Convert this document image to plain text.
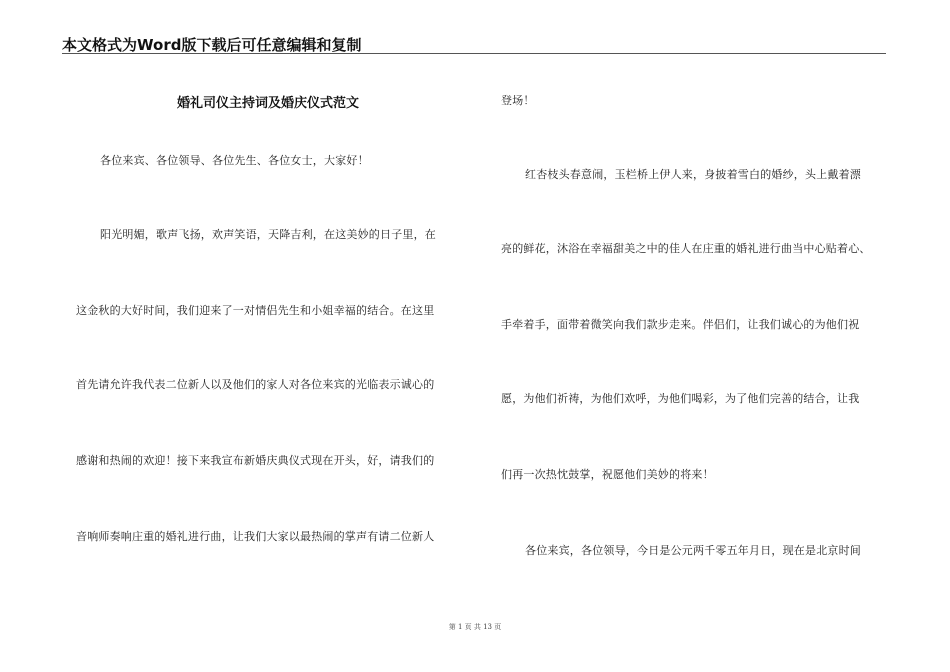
本文格式为Word版下载后可任意编辑和复制
婚礼司仪主持词及婚庆仪式范文
各位来宾、各位领导、各位先生、各位女士，大家好！
阳光明媚，歌声飞扬，欢声笑语，天降吉利，在这美妙的日子里，在
这金秋的大好时间，我们迎来了一对情侣先生和小姐幸福的结合。在这里
首先请允许我代表二位新人以及他们的家人对各位来宾的光临表示诚心的
感谢和热闹的欢迎！接下来我宣布新婚庆典仪式现在开头，好，请我们的
音响师奏响庄重的婚礼进行曲，让我们大家以最热闹的掌声有请二位新人
登场！
红杏枝头春意闹，玉栏桥上伊人来，身披着雪白的婚纱，头上戴着漂
亮的鲜花，沐浴在幸福甜美之中的佳人在庄重的婚礼进行曲当中心贴着心、
手牵着手，面带着微笑向我们款步走来。伴侣们，让我们诚心的为他们祝
愿，为他们祈祷，为他们欢呼，为他们喝彩，为了他们完善的结合，让我
们再一次热忱鼓掌，祝愿他们美妙的将来！
各位来宾，各位领导，今日是公元两千零五年月日，现在是北京时间
第 1 页 共 13 页
